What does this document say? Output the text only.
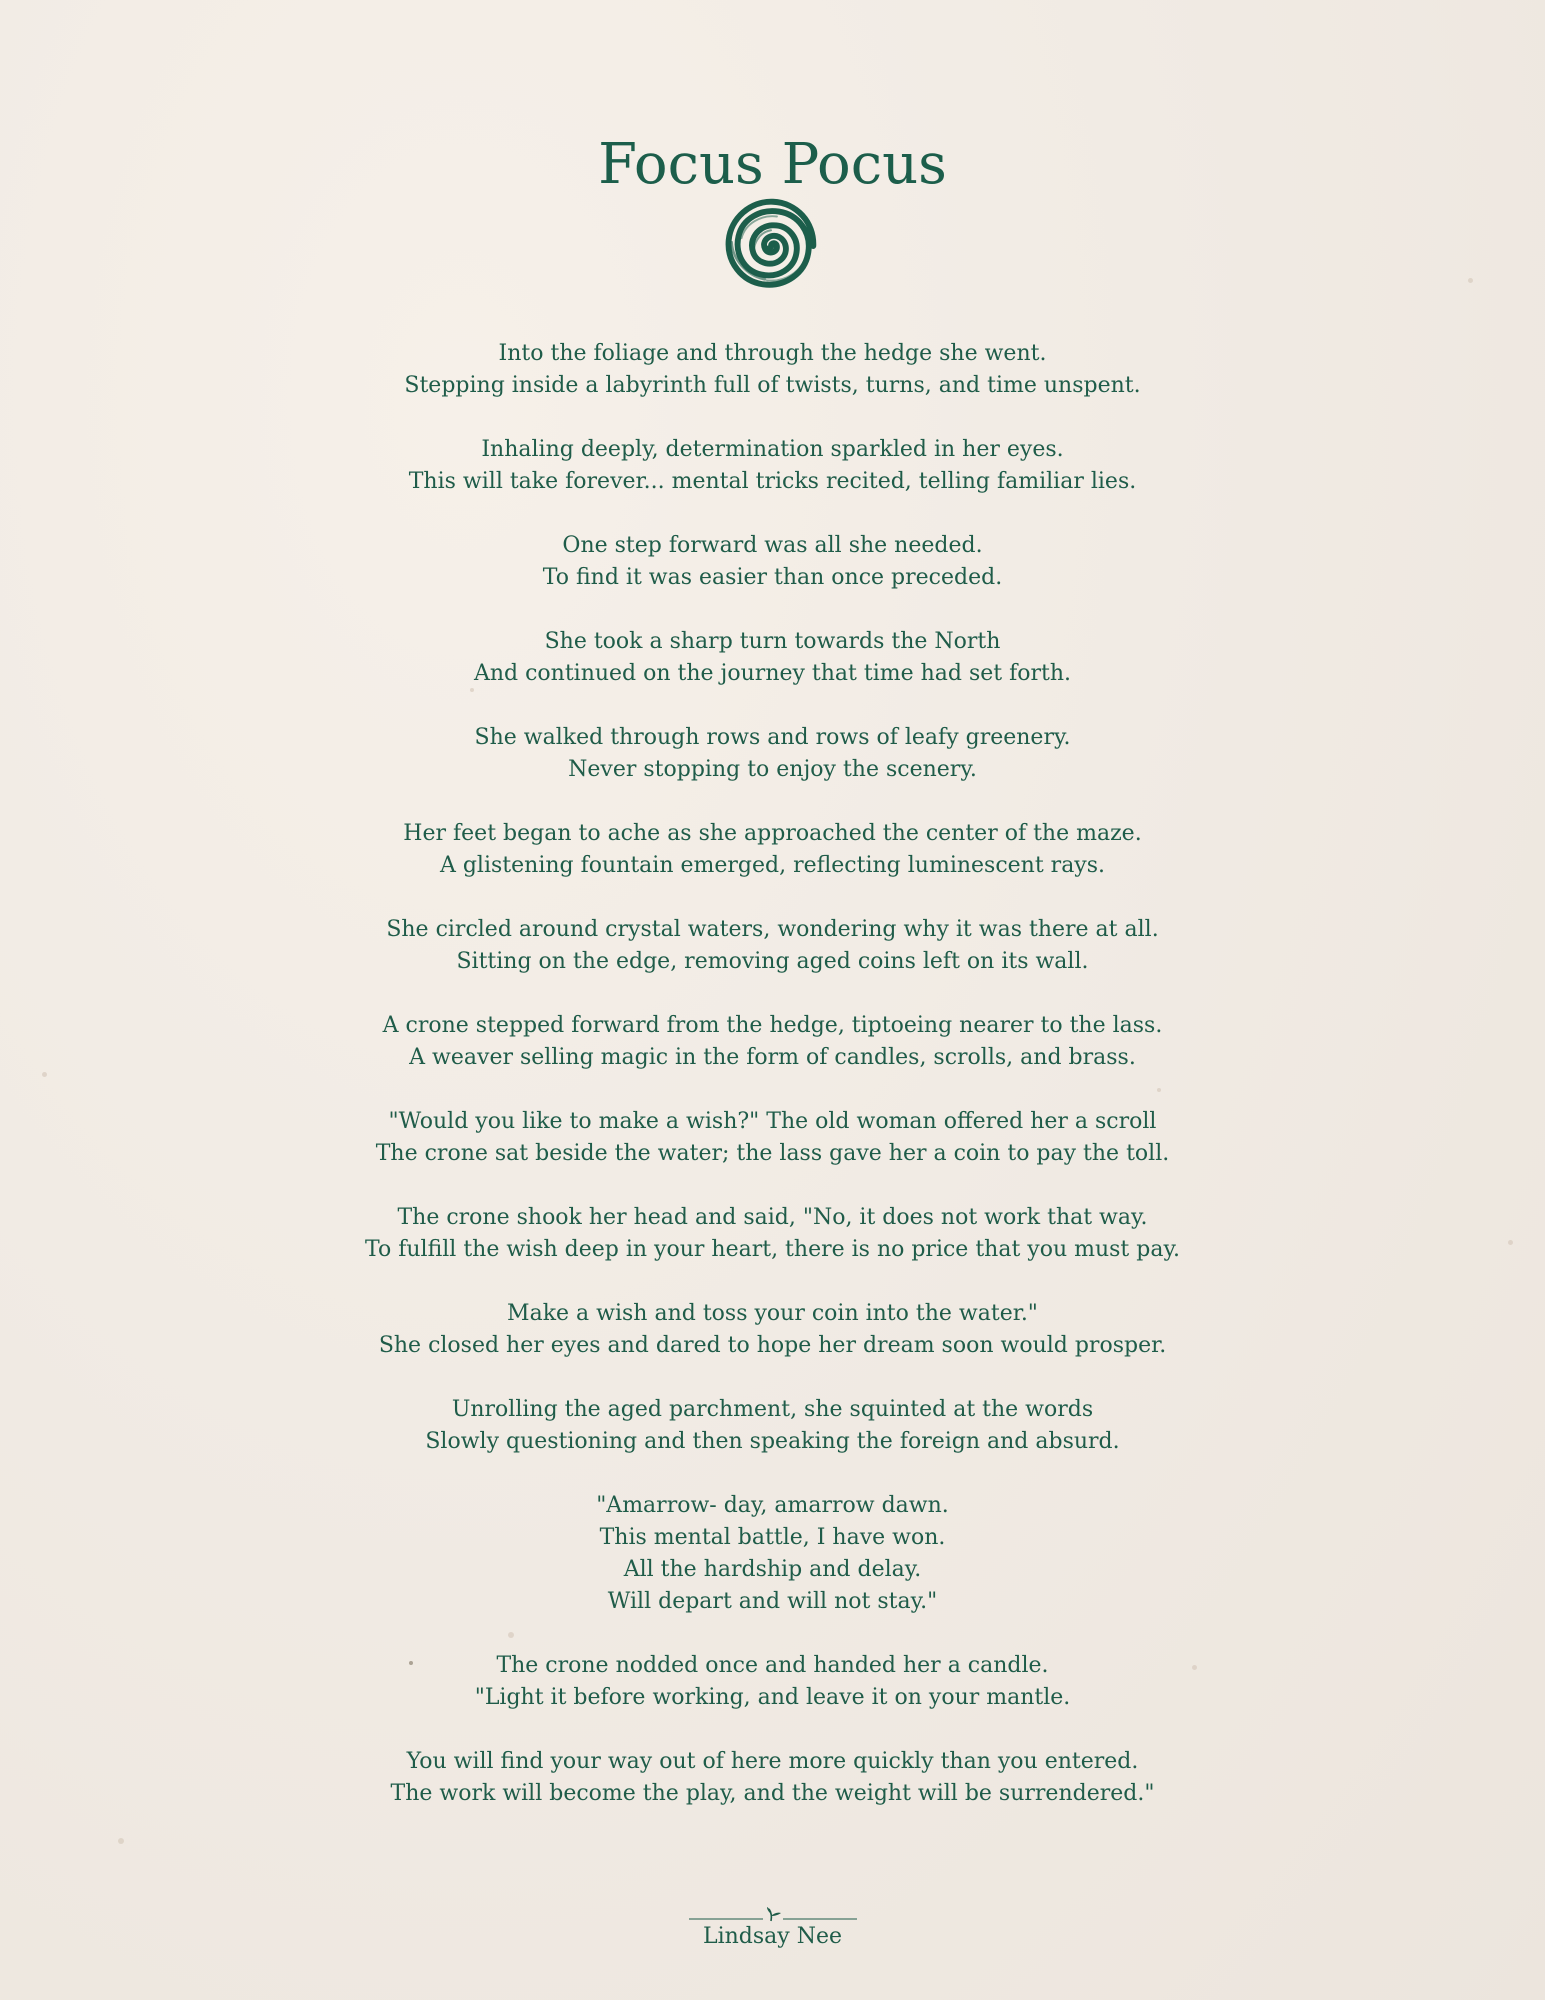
Focus Pocus
Into the foliage and through the hedge she went.
Stepping inside a labyrinth full of twists, turns, and time unspent.
Inhaling deeply, determination sparkled in her eyes.
This will take forever... mental tricks recited, telling familiar lies.
One step forward was all she needed.
To find it was easier than once preceded.
She took a sharp turn towards the North
And continued on the journey that time had set forth.
She walked through rows and rows of leafy greenery.
Never stopping to enjoy the scenery.
Her feet began to ache as she approached the center of the maze.
A glistening fountain emerged, reflecting luminescent rays.
She circled around crystal waters, wondering why it was there at all.
Sitting on the edge, removing aged coins left on its wall.
A crone stepped forward from the hedge, tiptoeing nearer to the lass.
A weaver selling magic in the form of candles, scrolls, and brass.
"Would you like to make a wish?" The old woman offered her a scroll
The crone sat beside the water; the lass gave her a coin to pay the toll.
The crone shook her head and said, "No, it does not work that way.
To fulfill the wish deep in your heart, there is no price that you must pay.
Make a wish and toss your coin into the water."
She closed her eyes and dared to hope her dream soon would prosper.
Unrolling the aged parchment, she squinted at the words
Slowly questioning and then speaking the foreign and absurd.
"Amarrow- day, amarrow dawn.
This mental battle, I have won.
All the hardship and delay.
Will depart and will not stay."
The crone nodded once and handed her a candle.
"Light it before working, and leave it on your mantle.
You will find your way out of here more quickly than you entered.
The work will become the play, and the weight will be surrendered."
Lindsay Nee
